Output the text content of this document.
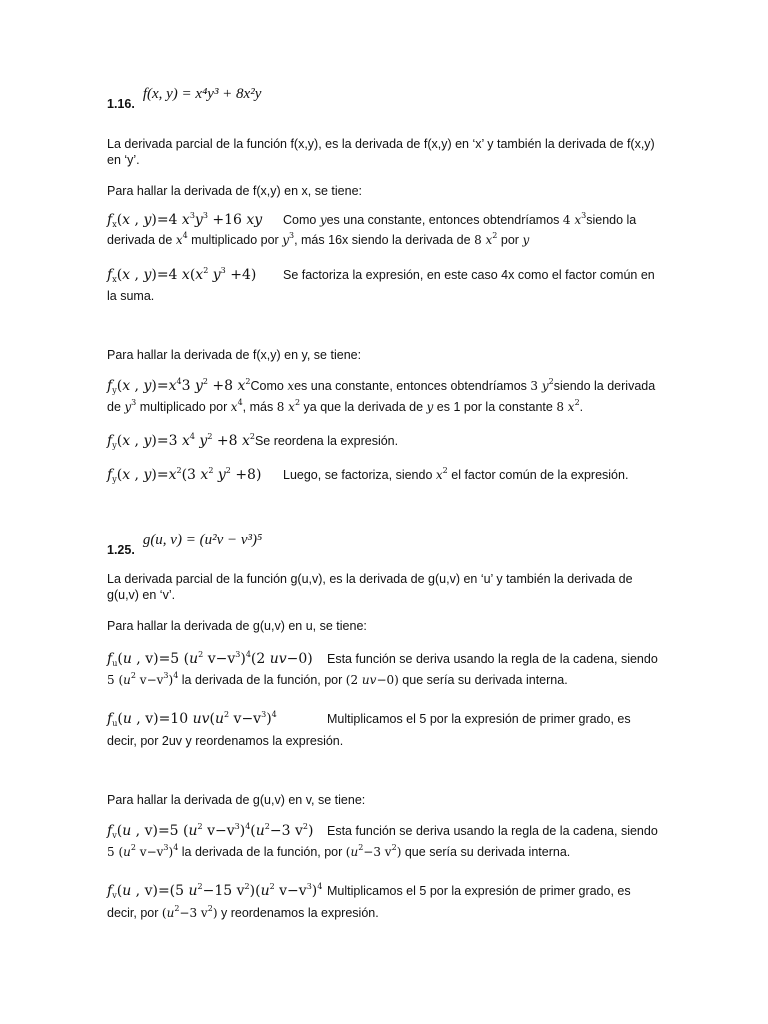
1.16.f(x, y) = x⁴y³ + 8x²y
La derivada parcial de la función f(x,y), es la derivada de f(x,y) en ‘x’ y también la derivada de f(x,y) en ‘y’.
Para hallar la derivada de f(x,y) en x, se tiene:
$f_x(x$ , y)=4 $x^3y^3 +16$ xy	Como
y es una constante, entonces obtendríamos
4 $x^3$ siendo la
derivada de
$x^4$
multiplicado por
$y^3$ , más 16x siendo la derivada de
8 $x^2$
por
y
$f_x(x$ , y)=4 $x(x^2$ $y^3 +4$)	Se factoriza la expresión, en este caso 4x como el factor común en
la suma.
Para hallar la derivada de f(x,y) en y, se tiene:
$f_y(x$ , $y)=x^43$ $y^2 +8$ $x^2$ Como
x es una constante, entonces obtendríamos
3 $y^2$ siendo la derivada
de
$y^3$
multiplicado por
$x^4$ , más
8 $x^2$
ya que la derivada de
y
es 1 por la constante
8 $x^2$ .
$f_y(x$ , y)=3 $x^4$ $y^2 +8$ $x^2$ Se reordena la expresión.
$f_y(x$ , $y)=x^2(3$ $x^2$ $y^2 +8$)	Luego, se factoriza, siendo
$x^2$
el factor común de la expresión.
1.25.g(u, v) = (u²v − v³)⁵
La derivada parcial de la función g(u,v), es la derivada de g(u,v) en ‘u’ y también la derivada de g(u,v) en ‘v’.
Para hallar la derivada de g(u,v) en u, se tiene:
$f_u(u$ , v)=5 ($u^2$ $v-v^3)^4(2$ uv−0)	Esta función se deriva usando la regla de la cadena, siendo
5 ($u^2$ $v-v^3)^4$
la derivada de la función, por
(2 uv−0)
que sería su derivada interna.
$f_u(u$ , v)=10 $uv(u^2$ $v-v^3)^4$	Multiplicamos el 5 por la expresión de primer grado, es
decir, por 2uv y reordenamos la expresión.
Para hallar la derivada de g(u,v) en v, se tiene:
$f_v(u$ , v)=5 ($u^2$ $v-v^3)^4(u^2-3$ $v^2$)	Esta función se deriva usando la regla de la cadena, siendo
5 ($u^2$ $v-v^3)^4$
la derivada de la función, por
($u^2-3$ $v^2$)
que sería su derivada interna.
$f_v(u$ , v)=(5 $u^2-15$ $v^2)(u^2$ $v-v^3)^4$ Multiplicamos el 5 por la expresión de primer grado, es
decir, por
($u^2-3$ $v^2$)
y reordenamos la expresión.
